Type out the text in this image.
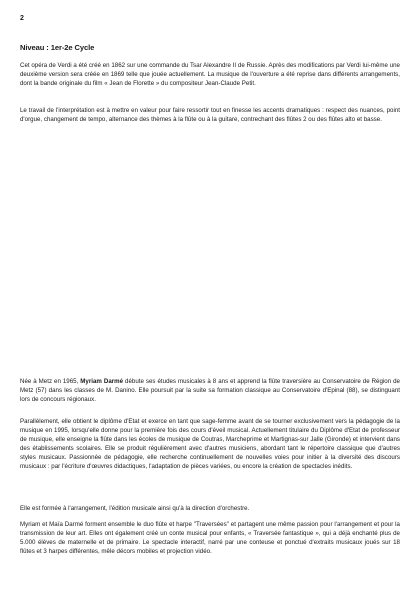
2
Niveau : 1er-2e Cycle

Cet opéra de Verdi a été créé en 1862 sur une commande du Tsar Alexandre II de Russie. Après des modifications par Verdi lui-même une deuxième version sera créée en 1869 telle que jouée actuellement. La musique de l'ouverture a été reprise dans différents arrangements, dont la bande originale du film « Jean de Florette » du compositeur Jean-Claude Petit.

Le travail de l'interprétation est à mettre en valeur pour faire ressortir tout en finesse les accents dramatiques : respect des nuances, point d'orgue, changement de tempo, alternance des thèmes à la flûte ou à la guitare, contrechant des flûtes 2 ou des flûtes alto et basse.

Née à Metz en 1965, Myriam Darmé débute ses études musicales à 8 ans et apprend la flûte traversière au Conservatoire de Région de Metz (57) dans les classes de M. Danino. Elle poursuit par la suite sa formation classique au Conservatoire d'Epinal (88), se distinguant lors de concours régionaux.

Parallèlement, elle obtient le diplôme d'Etat et exerce en tant que sage-femme avant de se tourner exclusivement vers la pédagogie de la musique en 1995, lorsqu'elle donne pour la première fois des cours d'éveil musical. Actuellement titulaire du Diplôme d'Etat de professeur de musique, elle enseigne la flûte dans les écoles de musique de Coutras, Marcheprime et Martignas-sur Jalle (Gironde) et intervient dans des établissements scolaires. Elle se produit régulièrement avec d'autres musiciens, abordant tant le répertoire classique que d'autres styles musicaux. Passionnée de pédagogie, elle recherche continuellement de nouvelles voies pour initier à la diversité des discours musicaux : par l'écriture d'œuvres didactiques, l'adaptation de pièces variées, ou encore la création de spectacles inédits.

Elle est formée à l'arrangement, l'édition musicale ainsi qu'à la direction d'orchestre.

Myriam et Maïa Darmé forment ensemble le duo flûte et harpe "Traversées" et partagent une même passion pour l'arrangement et pour la transmission de leur art. Elles ont également créé un conte musical pour enfants, « Traversée fantastique », qui a déjà enchanté plus de 5.000 élèves de maternelle et de primaire. Le spectacle interactif, narré par une conteuse et ponctué d'extraits musicaux joués sur 18 flûtes et 3 harpes différentes, mêle décors mobiles et projection vidéo.
